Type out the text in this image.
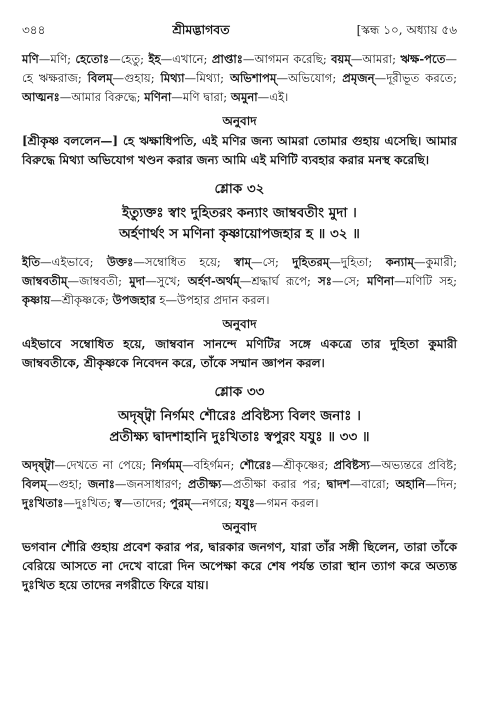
৩৪৪	শ্রীমদ্ভাগবত	[স্কন্ধ ১০, অধ্যায় ৫৬

মণি—মণি; হেতোঃ—হেতু; ইহ—এখানে; প্রাপ্তাঃ—আগমন করেছি; বয়ম্—আমরা; ঋক্ষ-পতে—হে ঋক্ষরাজ; বিলম্—গুহায়; মিথ্যা—মিথ্যা; অভিশাপম্—অভিযোগ; প্রমৃজন্—দূরীভূত করতে; আত্মনঃ—আমার বিরুদ্ধে; মণিনা—মণি দ্বারা; অমুনা—এই।

অনুবাদ

[শ্রীকৃষ্ণ বললেন—] হে ঋক্ষাধিপতি, এই মণির জন্য আমরা তোমার গুহায় এসেছি। আমার বিরুদ্ধে মিথ্যা অভিযোগ খণ্ডন করার জন্য আমি এই মণিটি ব্যবহার করার মনস্থ করেছি।

শ্লোক ৩২

ইত্যুক্তঃ স্বাং দুহিতরং কন্যাং জাম্ববতীং মুদা ।

অর্হণার্থং স মণিনা কৃষ্ণায়োপজহার হ ॥ ৩২ ॥

ইতি—এইভাবে; উক্তঃ—সম্বোধিত হয়ে; স্বাম্—সে; দুহিতরম্—দুহিতা; কন্যাম্—কুমারী; জাম্ববতীম্—জাম্ববতী; মুদা—সুখে; অর্হণ-অর্থম্—শ্রদ্ধার্ঘ রূপে; সঃ—সে; মণিনা—মণিটি সহ; কৃষ্ণায়—শ্রীকৃষ্ণকে; উপজহার হ—উপহার প্রদান করল।

অনুবাদ

এইভাবে সম্বোধিত হয়ে, জাম্ববান সানন্দে মণিটির সঙ্গে একত্রে তার দুহিতা কুমারী জাম্ববতীকে, শ্রীকৃষ্ণকে নিবেদন করে, তাঁকে সম্মান জ্ঞাপন করল।

শ্লোক ৩৩

অদৃষ্ট্বা নির্গমং শৌরেঃ প্রবিষ্টস্য বিলং জনাঃ ।

প্রতীক্ষ্য দ্বাদশাহানি দুঃখিতাঃ স্বপুরং যযুঃ ॥ ৩৩ ॥

অদৃষ্ট্বা—দেখতে না পেয়ে; নির্গমম্—বহির্গমন; শৌরেঃ—শ্রীকৃষ্ণের; প্রবিষ্টস্য—অভ্যন্তরে প্রবিষ্ট; বিলম্—গুহা; জনাঃ—জনসাধারণ; প্রতীক্ষ্য—প্রতীক্ষা করার পর; দ্বাদশ—বারো; অহানি—দিন; দুঃখিতাঃ—দুঃখিত; স্ব—তাদের; পুরম্—নগরে; যযুঃ—গমন করল।

অনুবাদ

ভগবান শৌরি গুহায় প্রবেশ করার পর, দ্বারকার জনগণ, যারা তাঁর সঙ্গী ছিলেন, তারা তাঁকে বেরিয়ে আসতে না দেখে বারো দিন অপেক্ষা করে শেষ পর্যন্ত তারা স্থান ত্যাগ করে অত্যন্ত দুঃখিত হয়ে তাদের নগরীতে ফিরে যায়।
